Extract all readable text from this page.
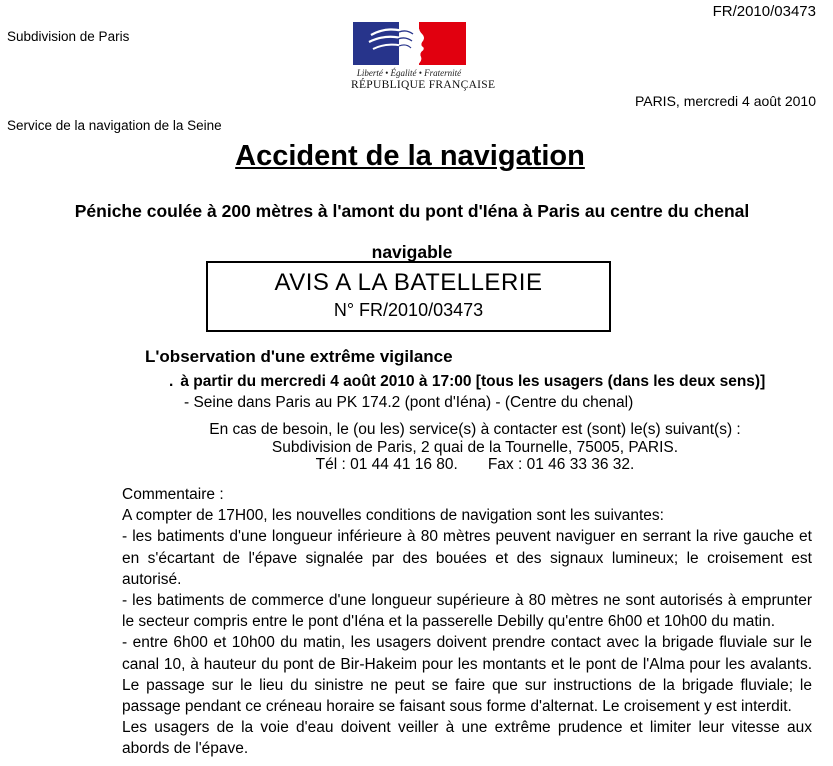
FR/2010/03473
Subdivision de Paris
Liberté • Égalité • Fraternité
RÉPUBLIQUE FRANÇAISE
PARIS, mercredi 4 août 2010
Service de la navigation de la Seine
Accident de la navigation
Péniche coulée à 200 mètres à l'amont du pont d'Iéna à Paris au centre du chenal navigable
AVIS A LA BATELLERIE
N° FR/2010/03473
L'observation d'une extrême vigilance
. à partir du mercredi 4 août 2010 à 17:00 [tous les usagers (dans les deux sens)]
- Seine dans Paris au PK 174.2 (pont d'Iéna) - (Centre du chenal)
En cas de besoin, le (ou les) service(s) à contacter est (sont) le(s) suivant(s) :
Subdivision de Paris, 2 quai de la Tournelle, 75005, PARIS.
Tél : 01 44 41 16 80. Fax : 01 46 33 36 32.

Commentaire :

A compter de 17H00, les nouvelles conditions de navigation sont les suivantes:

- les batiments d'une longueur inférieure à 80 mètres peuvent naviguer en serrant la rive gauche et en s'écartant de l'épave signalée par des bouées et des signaux lumineux; le croisement est autorisé.

- les batiments de commerce d'une longueur supérieure à 80 mètres ne sont autorisés à emprunter le secteur compris entre le pont d'Iéna et la passerelle Debilly qu'entre 6h00 et 10h00 du matin.

- entre 6h00 et 10h00 du matin, les usagers doivent prendre contact avec la brigade fluviale sur le canal 10, à hauteur du pont de Bir-Hakeim pour les montants et le pont de l'Alma pour les avalants. Le passage sur le lieu du sinistre ne peut se faire que sur instructions de la brigade fluviale; le passage pendant ce créneau horaire se faisant sous forme d'alternat. Le croisement y est interdit.

Les usagers de la voie d'eau doivent veiller à une extrême prudence et limiter leur vitesse aux abords de l'épave.
